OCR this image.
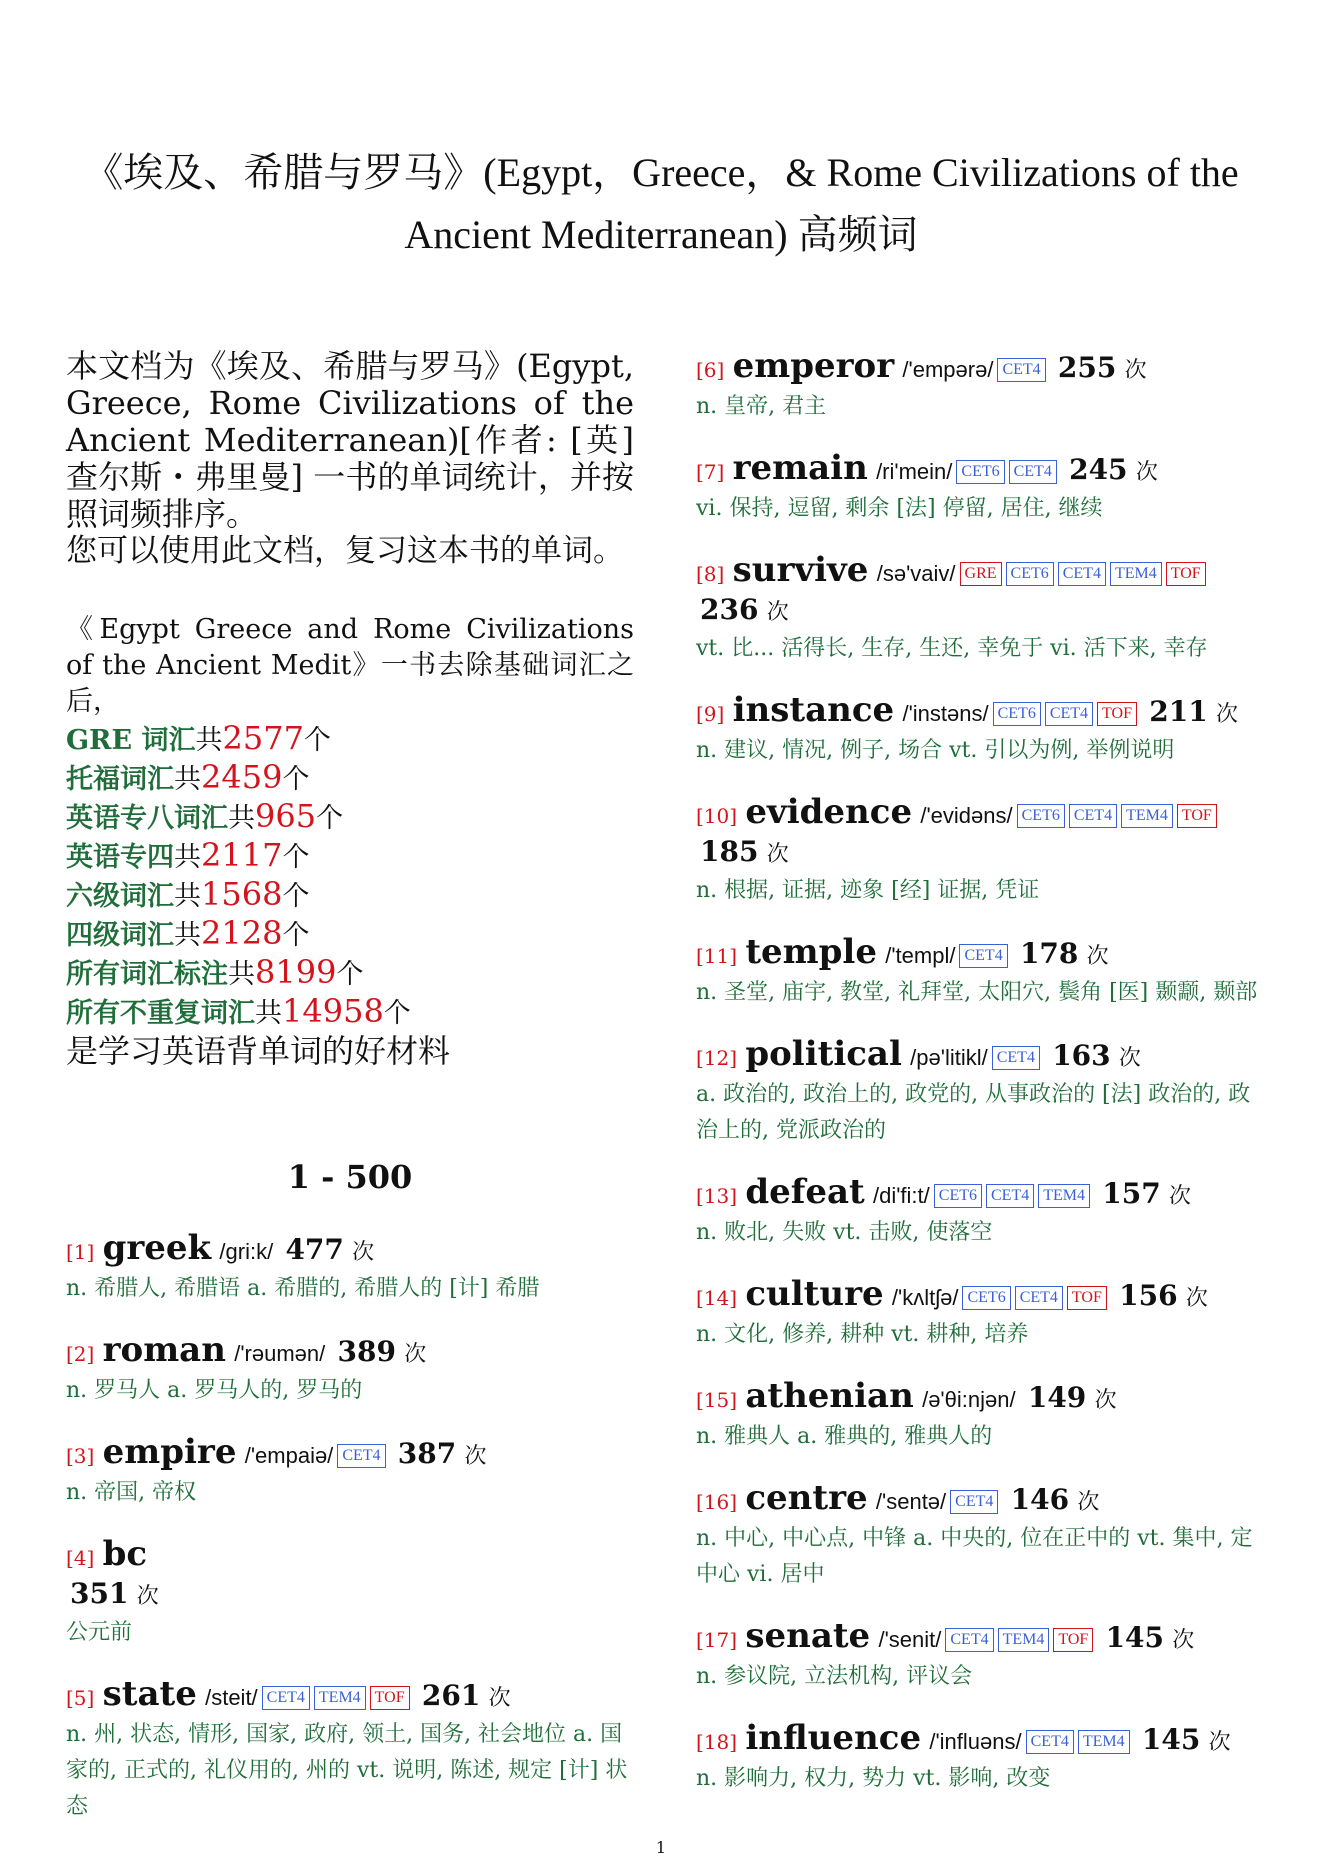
《埃及、希腊与罗马》(Egypt，Greece，& Rome Civilizations of the
Ancient Mediterranean) 高频词

本文档为《埃及、希腊与罗马》(Egypt, Greece, Rome Civilizations of the Ancient Mediterranean)[作者: [英] 查尔斯・弗里曼] 一书的单词统计，并按照词频排序。

您可以使用此文档，复习这本书的单词。

《Egypt Greece and Rome Civilizations of the Ancient Medit》一书去除基础词汇之后，
GRE 词汇共2577个
托福词汇共2459个
英语专八词汇共965个
英语专四共2117个
六级词汇共1568个
四级词汇共2128个
所有词汇标注共8199个
所有不重复词汇共14958个
是学习英语背单词的好材料
1 - 500
[1] greek /gri:k/ 477 次
n. 希腊人, 希腊语 a. 希腊的, 希腊人的 [计] 希腊
[2] roman /'rəumən/ 389 次
n. 罗马人 a. 罗马人的, 罗马的
[3] empire /'empaiə/ CET4 387 次
n. 帝国, 帝权
[4] bc
351 次
公元前
[5] state /steit/ CET4 TEM4 TOF 261 次
n. 州, 状态, 情形, 国家, 政府, 领土, 国务, 社会地位 a. 国家的, 正式的, 礼仪用的, 州的 vt. 说明, 陈述, 规定 [计] 状态
[6] emperor /'empərə/ CET4 255 次
n. 皇帝, 君主
[7] remain /ri'mein/ CET6 CET4 245 次
vi. 保持, 逗留, 剩余 [法] 停留, 居住, 继续
[8] survive /sə'vaiv/ GRE CET6 CET4 TEM4 TOF 236 次
vt. 比... 活得长, 生存, 生还, 幸免于 vi. 活下来, 幸存
[9] instance /'instəns/ CET6 CET4 TOF 211 次
n. 建议, 情况, 例子, 场合 vt. 引以为例, 举例说明
[10] evidence /'evidəns/ CET6 CET4 TEM4 TOF 185 次
n. 根据, 证据, 迹象 [经] 证据, 凭证
[11] temple /'templ/ CET4 178 次
n. 圣堂, 庙宇, 教堂, 礼拜堂, 太阳穴, 鬓角 [医] 颞颥, 颞部
[12] political /pə'litikl/ CET4 163 次
a. 政治的, 政治上的, 政党的, 从事政治的 [法] 政治的, 政治上的, 党派政治的
[13] defeat /di'fi:t/ CET6 CET4 TEM4 157 次
n. 败北, 失败 vt. 击败, 使落空
[14] culture /'kʌltʃə/ CET6 CET4 TOF 156 次
n. 文化, 修养, 耕种 vt. 耕种, 培养
[15] athenian /ə'θi:njən/ 149 次
n. 雅典人 a. 雅典的, 雅典人的
[16] centre /'sentə/ CET4 146 次
n. 中心, 中心点, 中锋 a. 中央的, 位在正中的 vt. 集中, 定中心 vi. 居中
[17] senate /'senit/ CET4 TEM4 TOF 145 次
n. 参议院, 立法机构, 评议会
[18] influence /'influəns/ CET4 TEM4 145 次
n. 影响力, 权力, 势力 vt. 影响, 改变
1
